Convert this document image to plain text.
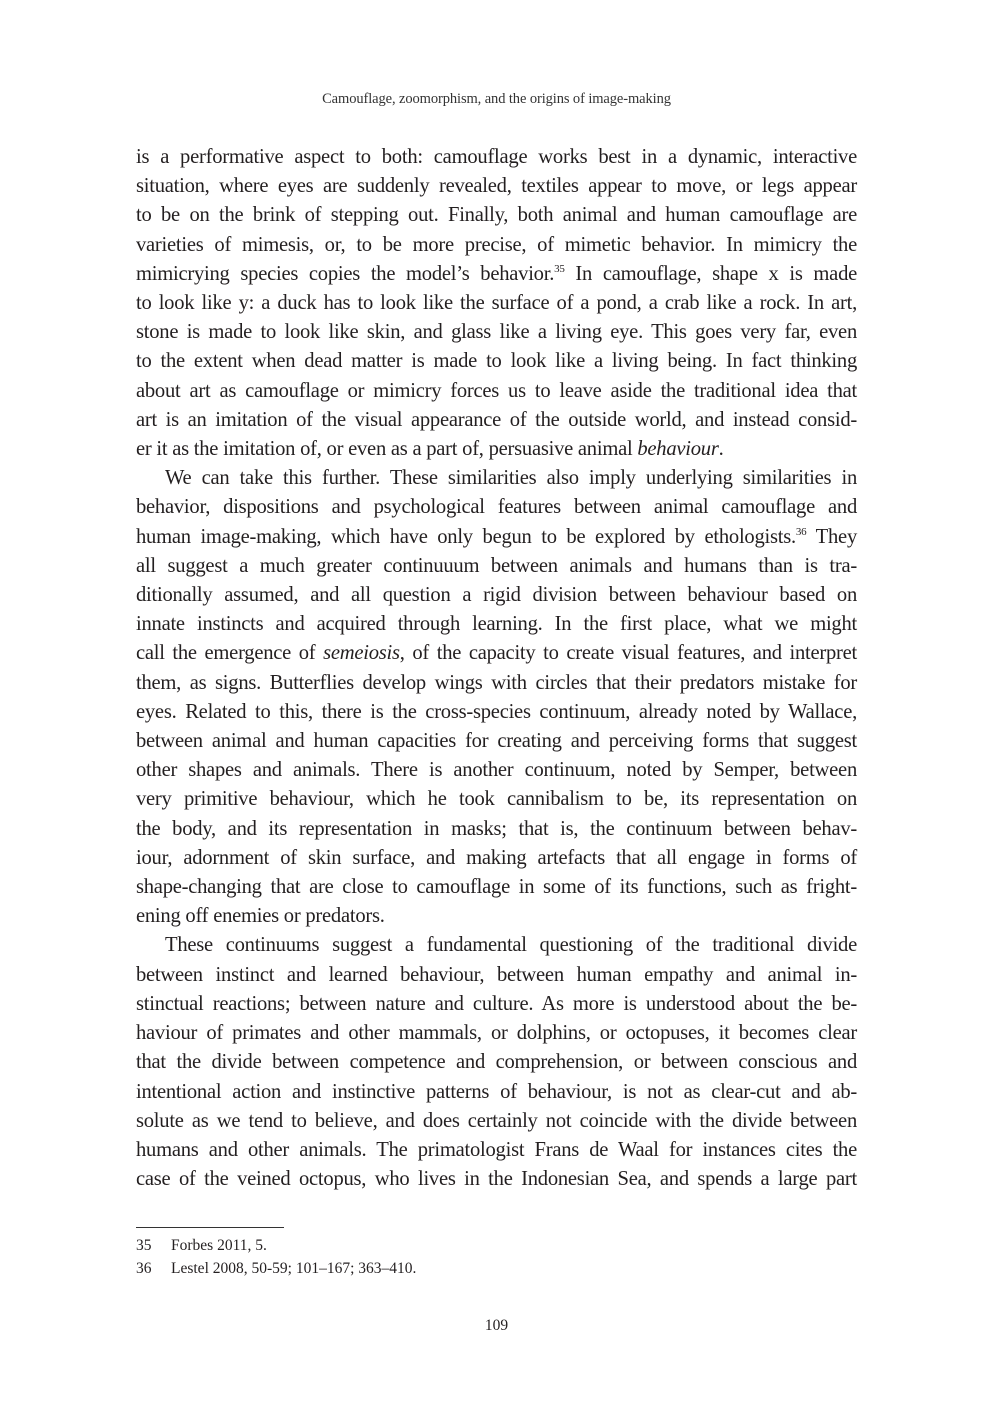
Camouflage, zoomorphism, and the origins of image-making

is a performative aspect to both: camouflage works best in a dynamic, interactive
situation, where eyes are suddenly revealed, textiles appear to move, or legs appear
to be on the brink of stepping out. Finally, both animal and human camouflage are
varieties of mimesis, or, to be more precise, of mimetic behavior. In mimicry the
mimicrying species copies the model’s behavior.$^{35}$ In camouflage, shape x is made
to look like y: a duck has to look like the surface of a pond, a crab like a rock. In art,
stone is made to look like skin, and glass like a living eye. This goes very far, even
to the extent when dead matter is made to look like a living being. In fact thinking
about art as camouflage or mimicry forces us to leave aside the traditional idea that
art is an imitation of the visual appearance of the outside world, and instead consid-
er it as the imitation of, or even as a part of, persuasive animal behaviour.

We can take this further. These similarities also imply underlying similarities in
behavior, dispositions and psychological features between animal camouflage and
human image-making, which have only begun to be explored by ethologists.$^{36}$ They
all suggest a much greater continuuum between animals and humans than is tra-
ditionally assumed, and all question a rigid division between behaviour based on
innate instincts and acquired through learning. In the first place, what we might
call the emergence of semeiosis, of the capacity to create visual features, and interpret
them, as signs. Butterflies develop wings with circles that their predators mistake for
eyes. Related to this, there is the cross-species continuum, already noted by Wallace,
between animal and human capacities for creating and perceiving forms that suggest
other shapes and animals. There is another continuum, noted by Semper, between
very primitive behaviour, which he took cannibalism to be, its representation on
the body, and its representation in masks; that is, the continuum between behav-
iour, adornment of skin surface, and making artefacts that all engage in forms of
shape-changing that are close to camouflage in some of its functions, such as fright-
ening off enemies or predators.

These continuums suggest a fundamental questioning of the traditional divide
between instinct and learned behaviour, between human empathy and animal in-
stinctual reactions; between nature and culture. As more is understood about the be-
haviour of primates and other mammals, or dolphins, or octopuses, it becomes clear
that the divide between competence and comprehension, or between conscious and
intentional action and instinctive patterns of behaviour, is not as clear-cut and ab-
solute as we tend to believe, and does certainly not coincide with the divide between
humans and other animals. The primatologist Frans de Waal for instances cites the
case of the veined octopus, who lives in the Indonesian Sea, and spends a large part

35	Forbes 2011, 5.
36	Lestel 2008, 50-59; 101–167; 363–410.
109
